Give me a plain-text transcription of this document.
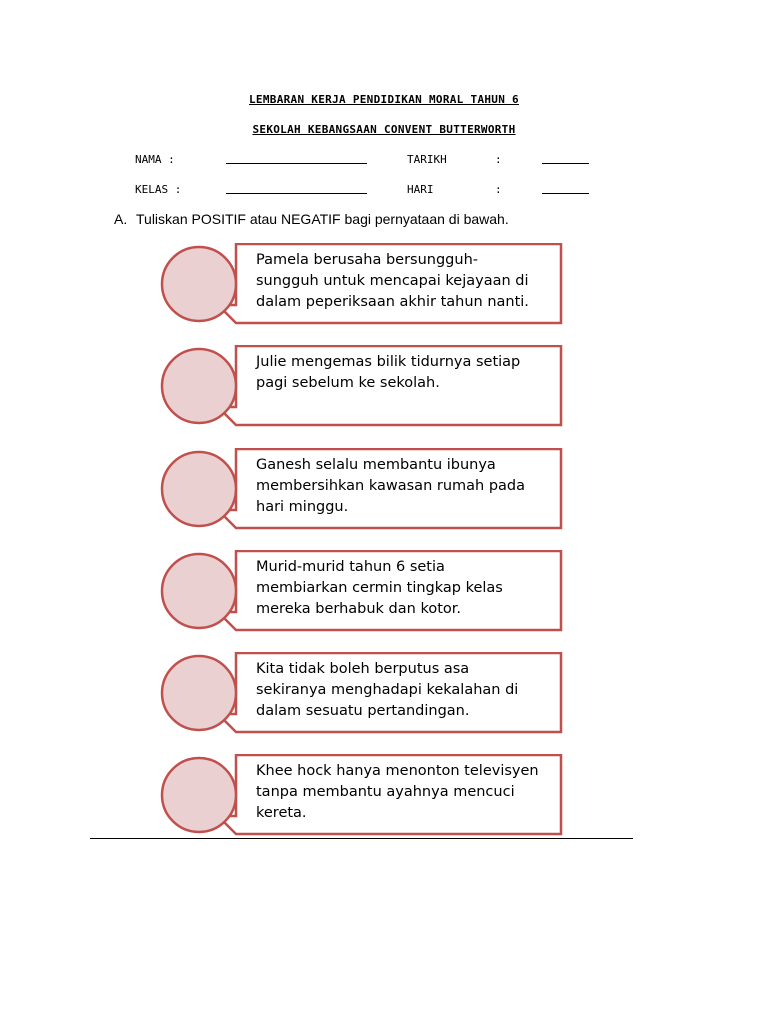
LEMBARAN KERJA PENDIDIKAN MORAL TAHUN 6
SEKOLAH KEBANGSAAN CONVENT BUTTERWORTH
NAMA :	TARIKH	:
KELAS :	HARI	:
A. Tuliskan POSITIF atau NEGATIF bagi pernyataan di bawah.
Pamela berusaha bersungguh-
sungguh untuk mencapai kejayaan di
dalam peperiksaan akhir tahun nanti.
Julie mengemas bilik tidurnya setiap
pagi sebelum ke sekolah.
Ganesh selalu membantu ibunya
membersihkan kawasan rumah pada
hari minggu.
Murid-murid tahun 6 setia
membiarkan cermin tingkap kelas
mereka berhabuk dan kotor.
Kita tidak boleh berputus asa
sekiranya menghadapi kekalahan di
dalam sesuatu pertandingan.
Khee hock hanya menonton televisyen
tanpa membantu ayahnya mencuci
kereta.
